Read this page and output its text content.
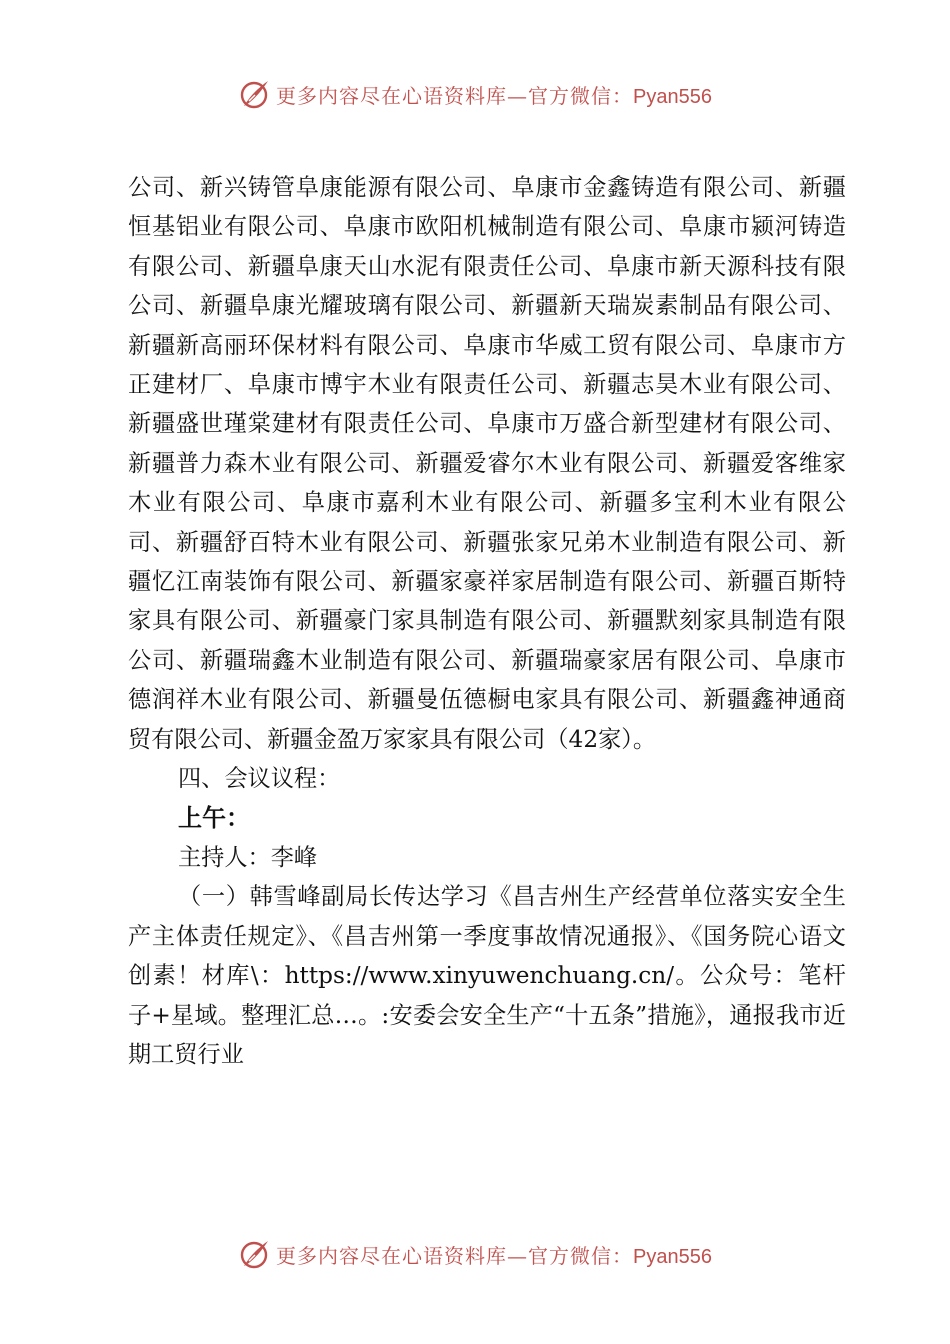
更多内容尽在心语资料库—官方微信：Pyan556

公司、新兴铸管阜康能源有限公司、阜康市金鑫铸造有限公司、新疆恒基铝业有限公司、阜康市欧阳机械制造有限公司、阜康市颍河铸造有限公司、新疆阜康天山水泥有限责任公司、阜康市新天源科技有限公司、新疆阜康光耀玻璃有限公司、新疆新天瑞炭素制品有限公司、新疆新高丽环保材料有限公司、阜康市华威工贸有限公司、阜康市方正建材厂、阜康市博宇木业有限责任公司、新疆志昊木业有限公司、新疆盛世瑾棠建材有限责任公司、阜康市万盛合新型建材有限公司、新疆普力森木业有限公司、新疆爱睿尔木业有限公司、新疆爱客维家木业有限公司、阜康市嘉利木业有限公司、新疆多宝利木业有限公司、新疆舒百特木业有限公司、新疆张家兄弟木业制造有限公司、新疆忆江南装饰有限公司、新疆家豪祥家居制造有限公司、新疆百斯特家具有限公司、新疆豪门家具制造有限公司、新疆默刻家具制造有限公司、新疆瑞鑫木业制造有限公司、新疆瑞豪家居有限公司、阜康市德润祥木业有限公司、新疆曼伍德橱电家具有限公司、新疆鑫神通商贸有限公司、新疆金盈万家家具有限公司（42家）。

四、会议议程：

上午：

主持人：李峰

（一）韩雪峰副局长传达学习《昌吉州生产经营单位落实安全生产主体责任规定》、《昌吉州第一季度事故情况通报》、《国务院心语文创素！材库\：https://www.xinyuwenchuang.cn/。公众号：笔杆子+星域。整理汇总…。:安委会安全生产“十五条”措施》，通报我市近期工贸行业

更多内容尽在心语资料库—官方微信：Pyan556
